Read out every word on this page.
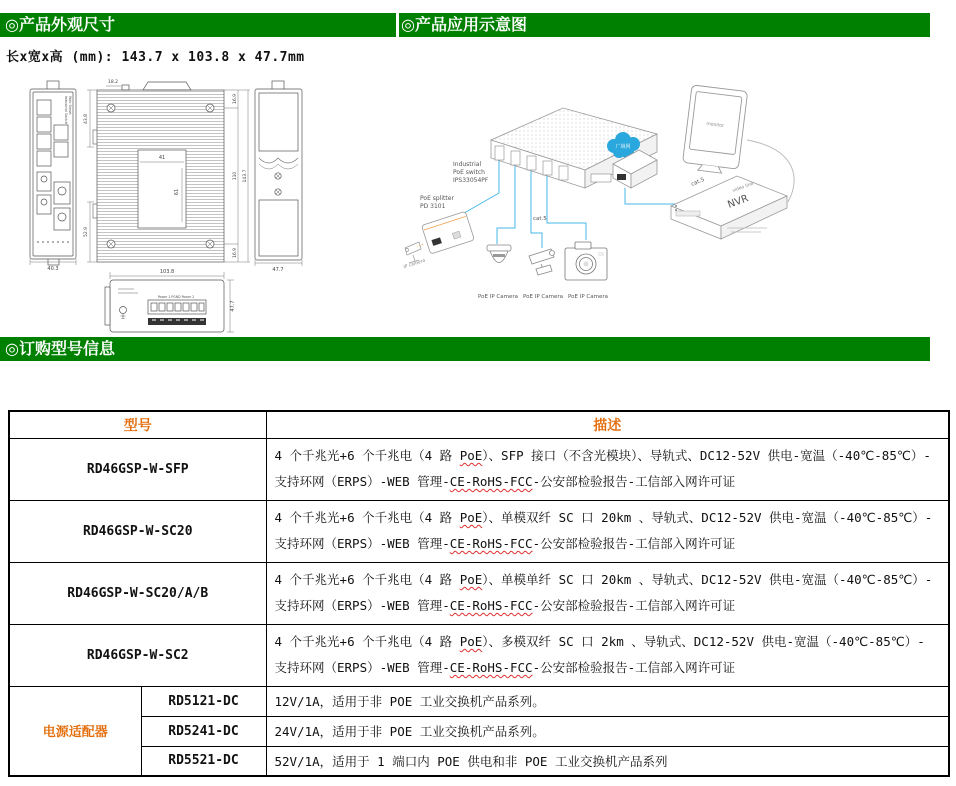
◎产品外观尺寸	◎产品应用示意图
长x宽x高 (mm): 143.7 x 103.8 x 47.7mm
Web Smart Industrial Switch
40.3
41
61
18.2
43.8
52.9
16.9
110
16.9
143.7
103.8	47.7
Power 1 PGND Power 2
47.7
Industrial PoE switch IPS33054PF
广域网
NVR
cat.5	video line
monitor
PoE splitter PD 3101
IP camera
cat.5
PoE IP Camera PoE IP Camera PoE IP Camera
◎订购型号信息
型号		描述
RD46GSP-W-SFP		4 个千兆光+6 个千兆电（4 路 PoE）、SFP 接口（不含光模块）、导轨式、DC12-52V 供电-宽温（-40℃-85℃）-支持环网（ERPS）-WEB 管理-CE-RoHS-FCC-公安部检验报告-工信部入网许可证
RD46GSP-W-SC20		4 个千兆光+6 个千兆电（4 路 PoE）、单模双纤 SC 口 20km 、导轨式、DC12-52V 供电-宽温（-40℃-85℃）-支持环网（ERPS）-WEB 管理-CE-RoHS-FCC-公安部检验报告-工信部入网许可证
RD46GSP-W-SC20/A/B		4 个千兆光+6 个千兆电（4 路 PoE）、单模单纤 SC 口 20km 、导轨式、DC12-52V 供电-宽温（-40℃-85℃）-支持环网（ERPS）-WEB 管理-CE-RoHS-FCC-公安部检验报告-工信部入网许可证
RD46GSP-W-SC2		4 个千兆光+6 个千兆电（4 路 PoE）、多模双纤 SC 口 2km 、导轨式、DC12-52V 供电-宽温（-40℃-85℃）- 支持环网（ERPS）-WEB 管理-CE-RoHS-FCC-公安部检验报告-工信部入网许可证
电源适配器	RD5121-DC	12V/1A，适用于非 POE 工业交换机产品系列。
	RD5241-DC	24V/1A，适用于非 POE 工业交换机产品系列。
	RD5521-DC	52V/1A，适用于 1 端口内 POE 供电和非 POE 工业交换机产品系列
